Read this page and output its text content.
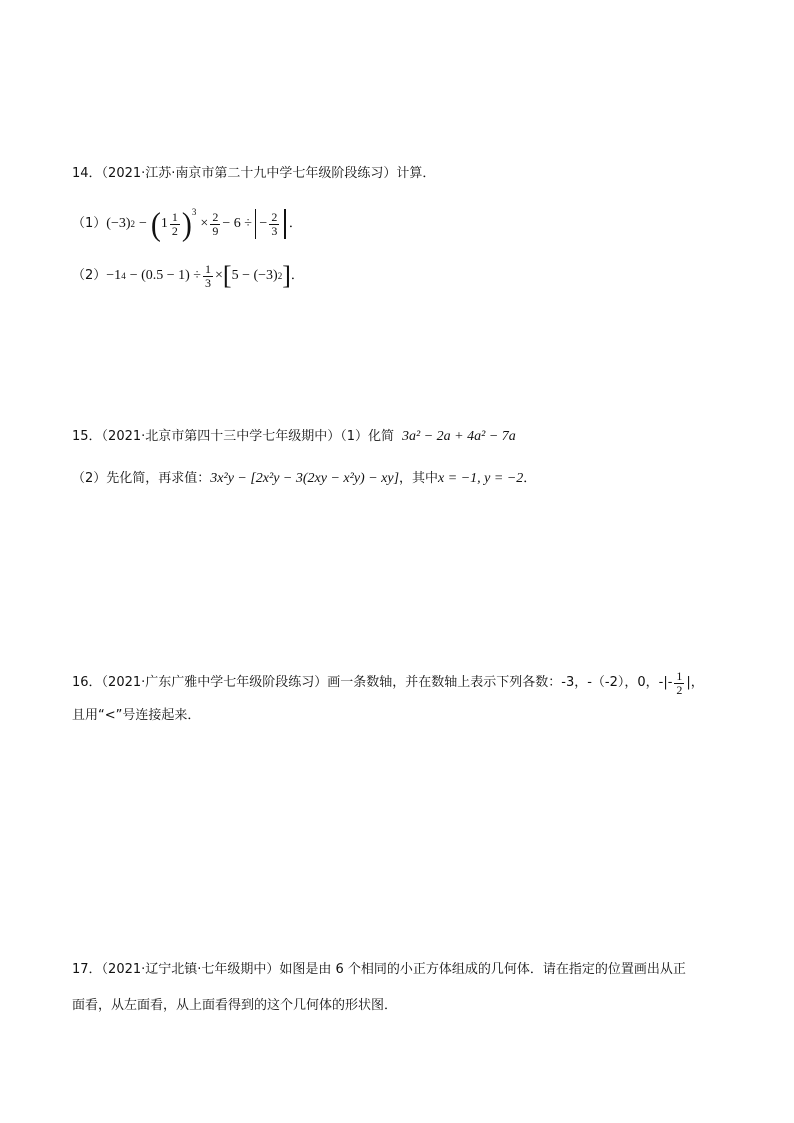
14．（2021·江苏·南京市第二十九中学七年级阶段练习）计算．
（1） (−3) 2 − ( $1 \frac{1}{2} )^3$
× $\frac{2}{9} - 6$ ÷ − $\frac{2}{3}$ ．
（2） −1 $4 - (0.5 - 1) \div \frac{1}{3}$ × [ 5 − (−3) 2 ] ．
15．（2021·北京市第四十三中学七年级期中）（1）化简 3a² − 2a + 4a² − 7a
（2）先化简，再求值： 3x²y − [2x²y − 3(2xy − x²y) − xy] ，其中 x = −1, y = −2 ．
16．（2021·广东广雅中学七年级阶段练习）画一条数轴，并在数轴上表示下列各数：-3，-（-2），0，-|- $\frac{1}{2}$ |，
且用“<”号连接起来．
17．（2021·辽宁北镇·七年级期中）如图是由 6 个相同的小正方体组成的几何体．请在指定的位置画出从正
面看，从左面看，从上面看得到的这个几何体的形状图．
